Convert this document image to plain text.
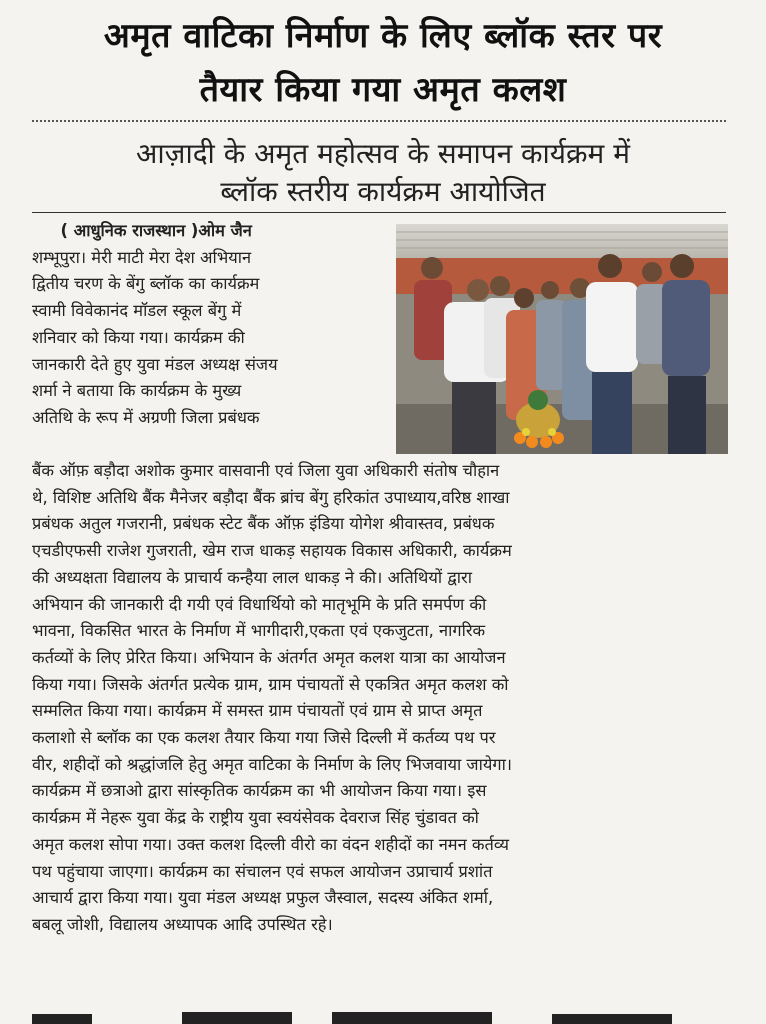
अमृत वाटिका निर्माण के लिए ब्लॉक स्तर पर
तैयार किया गया अमृत कलश
आज़ादी के अमृत महोत्सव के समापन कार्यक्रम में
ब्लॉक स्तरीय कार्यक्रम आयोजित
( आधुनिक राजस्थान )ओम जैन
शम्भूपुरा। मेरी माटी मेरा देश अभियान
द्वितीय चरण के बेंगु ब्लॉक का कार्यक्रम
स्वामी विवेकानंद मॉडल स्कूल बेंगु में
शनिवार को किया गया। कार्यक्रम की
जानकारी देते हुए युवा मंडल अध्यक्ष संजय
शर्मा ने बताया कि कार्यक्रम के मुख्य
अतिथि के रूप में अग्रणी जिला प्रबंधक
बैंक ऑफ़ बड़ौदा अशोक कुमार वासवानी एवं जिला युवा अधिकारी संतोष चौहान
थे, विशिष्ट अतिथि बैंक मैनेजर बड़ौदा बैंक ब्रांच बेंगु हरिकांत उपाध्याय,वरिष्ठ शाखा
प्रबंधक अतुल गजरानी, प्रबंधक स्टेट बैंक ऑफ़ इंडिया योगेश श्रीवास्तव, प्रबंधक
एचडीएफसी राजेश गुजराती, खेम राज धाकड़ सहायक विकास अधिकारी, कार्यक्रम
की अध्यक्षता विद्यालय के प्राचार्य कन्हैया लाल धाकड़ ने की। अतिथियों द्वारा
अभियान की जानकारी दी गयी एवं विधार्थियो को मातृभूमि के प्रति समर्पण की
भावना, विकसित भारत के निर्माण में भागीदारी,एकता एवं एकजुटता, नागरिक
कर्तव्यों के लिए प्रेरित किया। अभियान के अंतर्गत अमृत कलश यात्रा का आयोजन
किया गया। जिसके अंतर्गत प्रत्येक ग्राम, ग्राम पंचायतों से एकत्रित अमृत कलश को
सम्मलित किया गया। कार्यक्रम में समस्त ग्राम पंचायतों एवं ग्राम से प्राप्त अमृत
कलाशो से ब्लॉक का एक कलश तैयार किया गया जिसे दिल्ली में कर्तव्य पथ पर
वीर, शहीदों को श्रद्धांजलि हेतु अमृत वाटिका के निर्माण के लिए भिजवाया जायेगा।
कार्यक्रम में छत्राओ द्वारा सांस्कृतिक कार्यक्रम का भी आयोजन किया गया। इस
कार्यक्रम में नेहरू युवा केंद्र के राष्ट्रीय युवा स्वयंसेवक देवराज सिंह चुंडावत को
अमृत कलश सोपा गया। उक्त कलश दिल्ली वीरो का वंदन शहीदों का नमन कर्तव्य
पथ पहुंचाया जाएगा। कार्यक्रम का संचालन एवं सफल आयोजन उप्राचार्य प्रशांत
आचार्य द्वारा किया गया। युवा मंडल अध्यक्ष प्रफुल जैस्वाल, सदस्य अंकित शर्मा,
बबलू जोशी, विद्यालय अध्यापक आदि उपस्थित रहे।
